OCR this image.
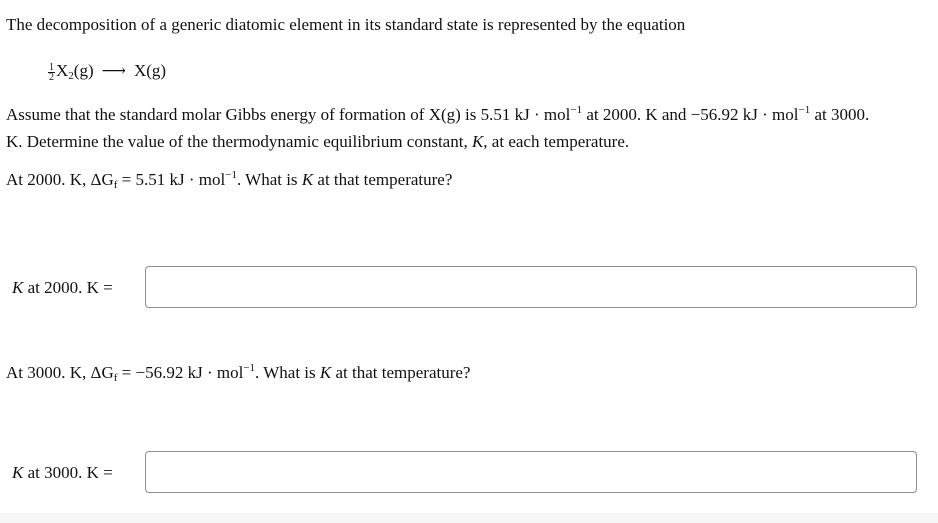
The decomposition of a generic diatomic element in its standard state is represented by the equation
$\frac{1}{2} X_2(g)$ ⟶ X(g)
Assume that the standard molar Gibbs energy of formation of X(g) is 5.51 kJ · mol$^{-1}$ at 2000. K and −56.92 kJ · mol$^{-1}$ at 3000.
K. Determine the value of the thermodynamic equilibrium constant, K, at each temperature.
At 2000. K, $\Delta G_f = 5.51$ kJ · mol$^{-1}$. What is K at that temperature?
K at 2000. K =
At 3000. K, $\Delta G_f = -56.92$ kJ · mol$^{-1}$. What is K at that temperature?
K at 3000. K =
